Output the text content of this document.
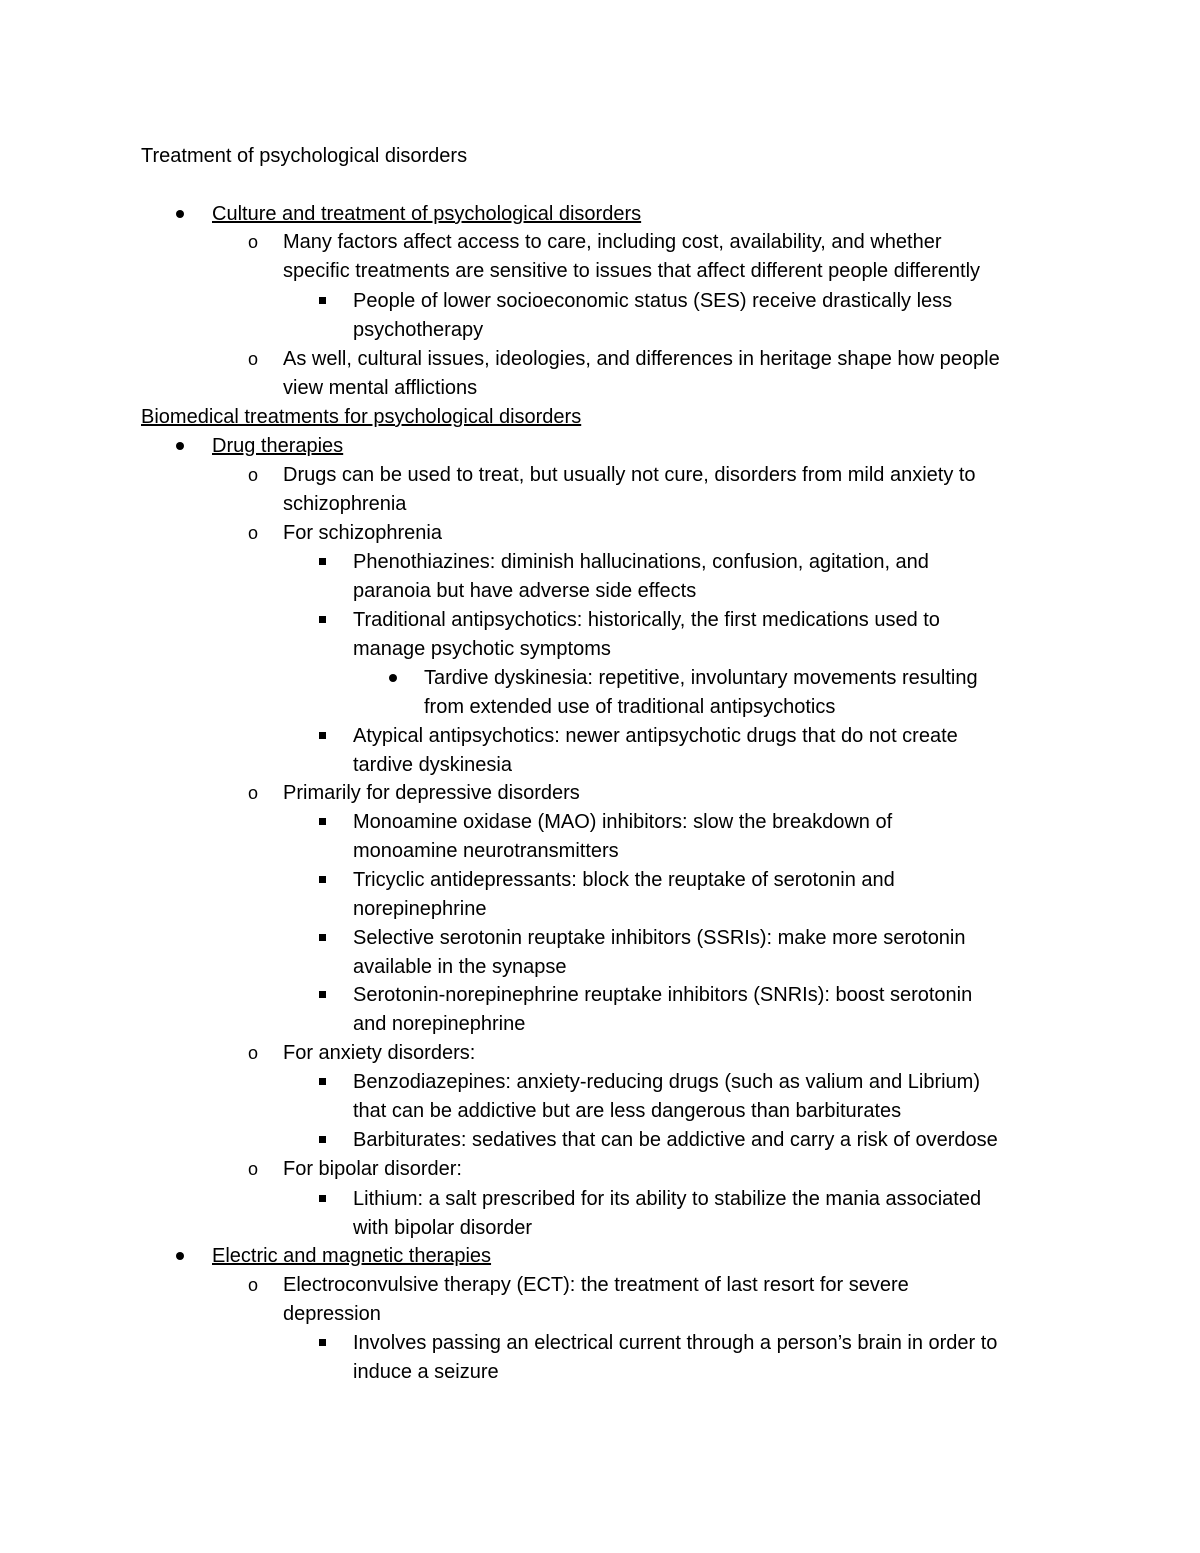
Treatment of psychological disorders
Culture and treatment of psychological disorders
o Many factors affect access to care, including cost, availability, and whether
specific treatments are sensitive to issues that affect different people differently
People of lower socioeconomic status (SES) receive drastically less
psychotherapy
o As well, cultural issues, ideologies, and differences in heritage shape how people
view mental afflictions
Biomedical treatments for psychological disorders
Drug therapies
o Drugs can be used to treat, but usually not cure, disorders from mild anxiety to
schizophrenia
o For schizophrenia
Phenothiazines: diminish hallucinations, confusion, agitation, and
paranoia but have adverse side effects
Traditional antipsychotics: historically, the first medications used to
manage psychotic symptoms
Tardive dyskinesia: repetitive, involuntary movements resulting
from extended use of traditional antipsychotics
Atypical antipsychotics: newer antipsychotic drugs that do not create
tardive dyskinesia
o Primarily for depressive disorders
Monoamine oxidase (MAO) inhibitors: slow the breakdown of
monoamine neurotransmitters
Tricyclic antidepressants: block the reuptake of serotonin and
norepinephrine
Selective serotonin reuptake inhibitors (SSRIs): make more serotonin
available in the synapse
Serotonin-norepinephrine reuptake inhibitors (SNRIs): boost serotonin
and norepinephrine
o For anxiety disorders:
Benzodiazepines: anxiety-reducing drugs (such as valium and Librium)
that can be addictive but are less dangerous than barbiturates
Barbiturates: sedatives that can be addictive and carry a risk of overdose
o For bipolar disorder:
Lithium: a salt prescribed for its ability to stabilize the mania associated
with bipolar disorder
Electric and magnetic therapies
o Electroconvulsive therapy (ECT): the treatment of last resort for severe
depression
Involves passing an electrical current through a person’s brain in order to
induce a seizure
